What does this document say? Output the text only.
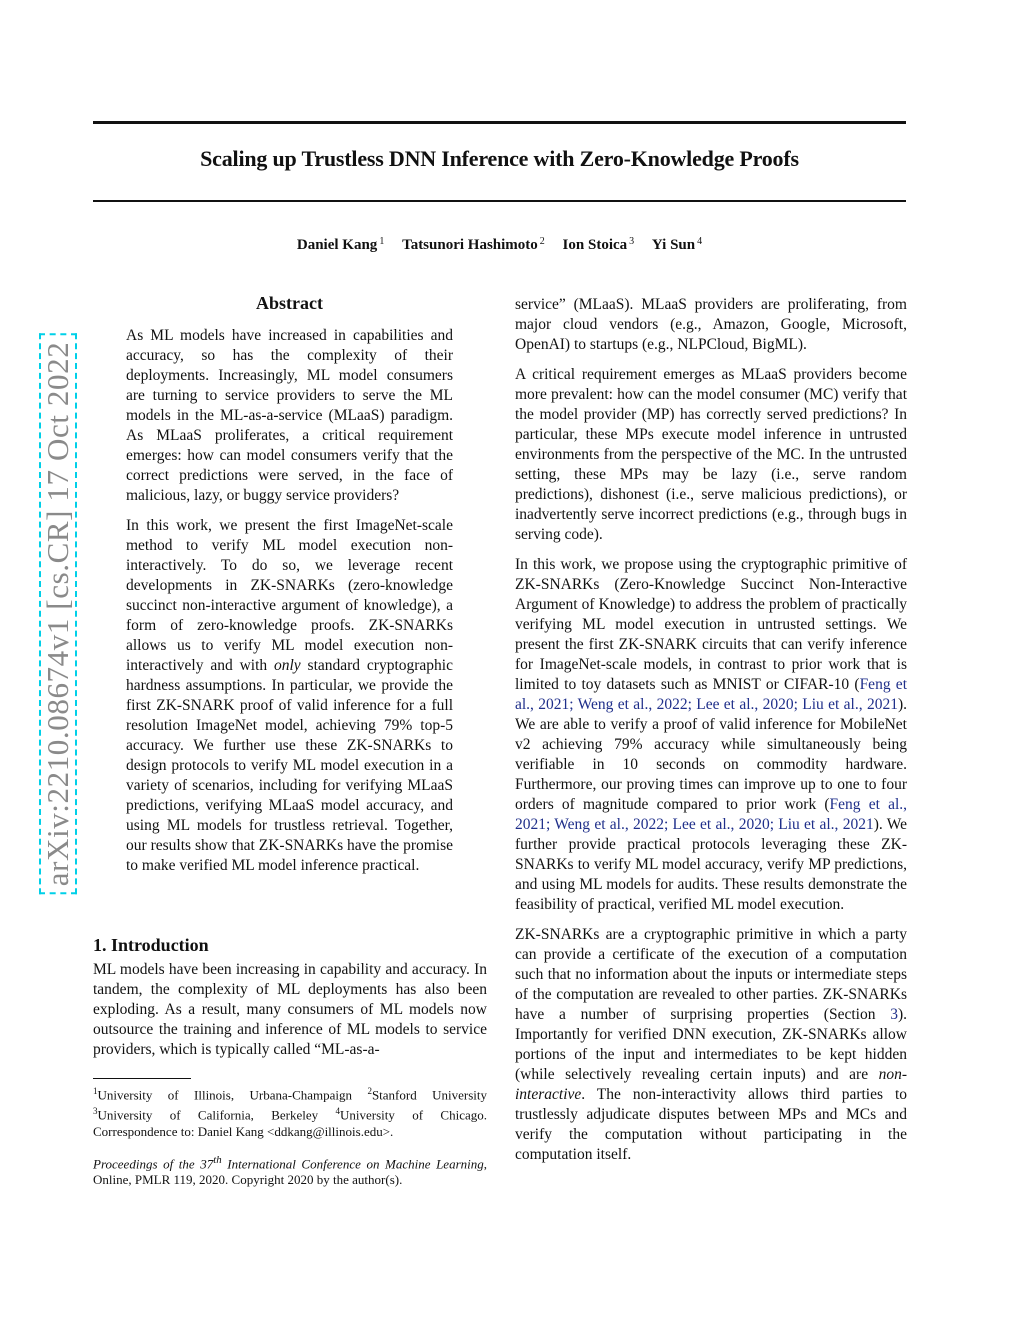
Scaling up Trustless DNN Inference with Zero-Knowledge Proofs
Daniel Kang $^1$ Tatsunori Hashimoto $^2$ Ion Stoica $^3$ Yi Sun $^4$
arXiv:2210.08674v1 [cs.CR] 17 Oct 2022
Abstract

As ML models have increased in capabilities and accuracy, so has the complexity of their deployments. Increasingly, ML model consumers are turning to service providers to serve the ML models in the ML-as-a-service (MLaaS) paradigm. As MLaaS proliferates, a critical requirement emerges: how can model consumers verify that the correct predictions were served, in the face of malicious, lazy, or buggy service providers?

In this work, we present the first ImageNet-scale method to verify ML model execution non-interactively. To do so, we leverage recent developments in ZK-SNARKs (zero-knowledge succinct non-interactive argument of knowledge), a form of zero-knowledge proofs. ZK-SNARKs allows us to verify ML model execution non-interactively and with only standard cryptographic hardness assumptions. In particular, we provide the first ZK-SNARK proof of valid inference for a full resolution ImageNet model, achieving 79% top-5 accuracy. We further use these ZK-SNARKs to design protocols to verify ML model execution in a variety of scenarios, including for verifying MLaaS predictions, verifying MLaaS model accuracy, and using ML models for trustless retrieval. Together, our results show that ZK-SNARKs have the promise to make verified ML model inference practical.

1. Introduction

ML models have been increasing in capability and accuracy. In tandem, the complexity of ML deployments has also been exploding. As a result, many consumers of ML models now outsource the training and inference of ML models to service providers, which is typically called “ML-as-a-

$^1$University of Illinois, Urbana-Champaign $^2$Stanford University $^3$University of California, Berkeley $^4$University of Chicago. Correspondence to: Daniel Kang <ddkang@illinois.edu>.
Proceedings of the 37th International Conference on Machine Learning, Online, PMLR 119, 2020. Copyright 2020 by the author(s).

service” (MLaaS). MLaaS providers are proliferating, from major cloud vendors (e.g., Amazon, Google, Microsoft, OpenAI) to startups (e.g., NLPCloud, BigML).

A critical requirement emerges as MLaaS providers become more prevalent: how can the model consumer (MC) verify that the model provider (MP) has correctly served predictions? In particular, these MPs execute model inference in untrusted environments from the perspective of the MC. In the untrusted setting, these MPs may be lazy (i.e., serve random predictions), dishonest (i.e., serve malicious predictions), or inadvertently serve incorrect predictions (e.g., through bugs in serving code).

In this work, we propose using the cryptographic primitive of ZK-SNARKs (Zero-Knowledge Succinct Non-Interactive Argument of Knowledge) to address the problem of practically verifying ML model execution in untrusted settings. We present the first ZK-SNARK circuits that can verify inference for ImageNet-scale models, in contrast to prior work that is limited to toy datasets such as MNIST or CIFAR-10 (Feng et al., 2021; Weng et al., 2022; Lee et al., 2020; Liu et al., 2021). We are able to verify a proof of valid inference for MobileNet v2 achieving 79% accuracy while simultaneously being verifiable in 10 seconds on commodity hardware. Furthermore, our proving times can improve up to one to four orders of magnitude compared to prior work (Feng et al., 2021; Weng et al., 2022; Lee et al., 2020; Liu et al., 2021). We further provide practical protocols leveraging these ZK-SNARKs to verify ML model accuracy, verify MP predictions, and using ML models for audits. These results demonstrate the feasibility of practical, verified ML model execution.

ZK-SNARKs are a cryptographic primitive in which a party can provide a certificate of the execution of a computation such that no information about the inputs or intermediate steps of the computation are revealed to other parties. ZK-SNARKs have a number of surprising properties (Section 3). Importantly for verified DNN execution, ZK-SNARKs allow portions of the input and intermediates to be kept hidden (while selectively revealing certain inputs) and are non-interactive. The non-interactivity allows third parties to trustlessly adjudicate disputes between MPs and MCs and verify the computation without participating in the computation itself.
